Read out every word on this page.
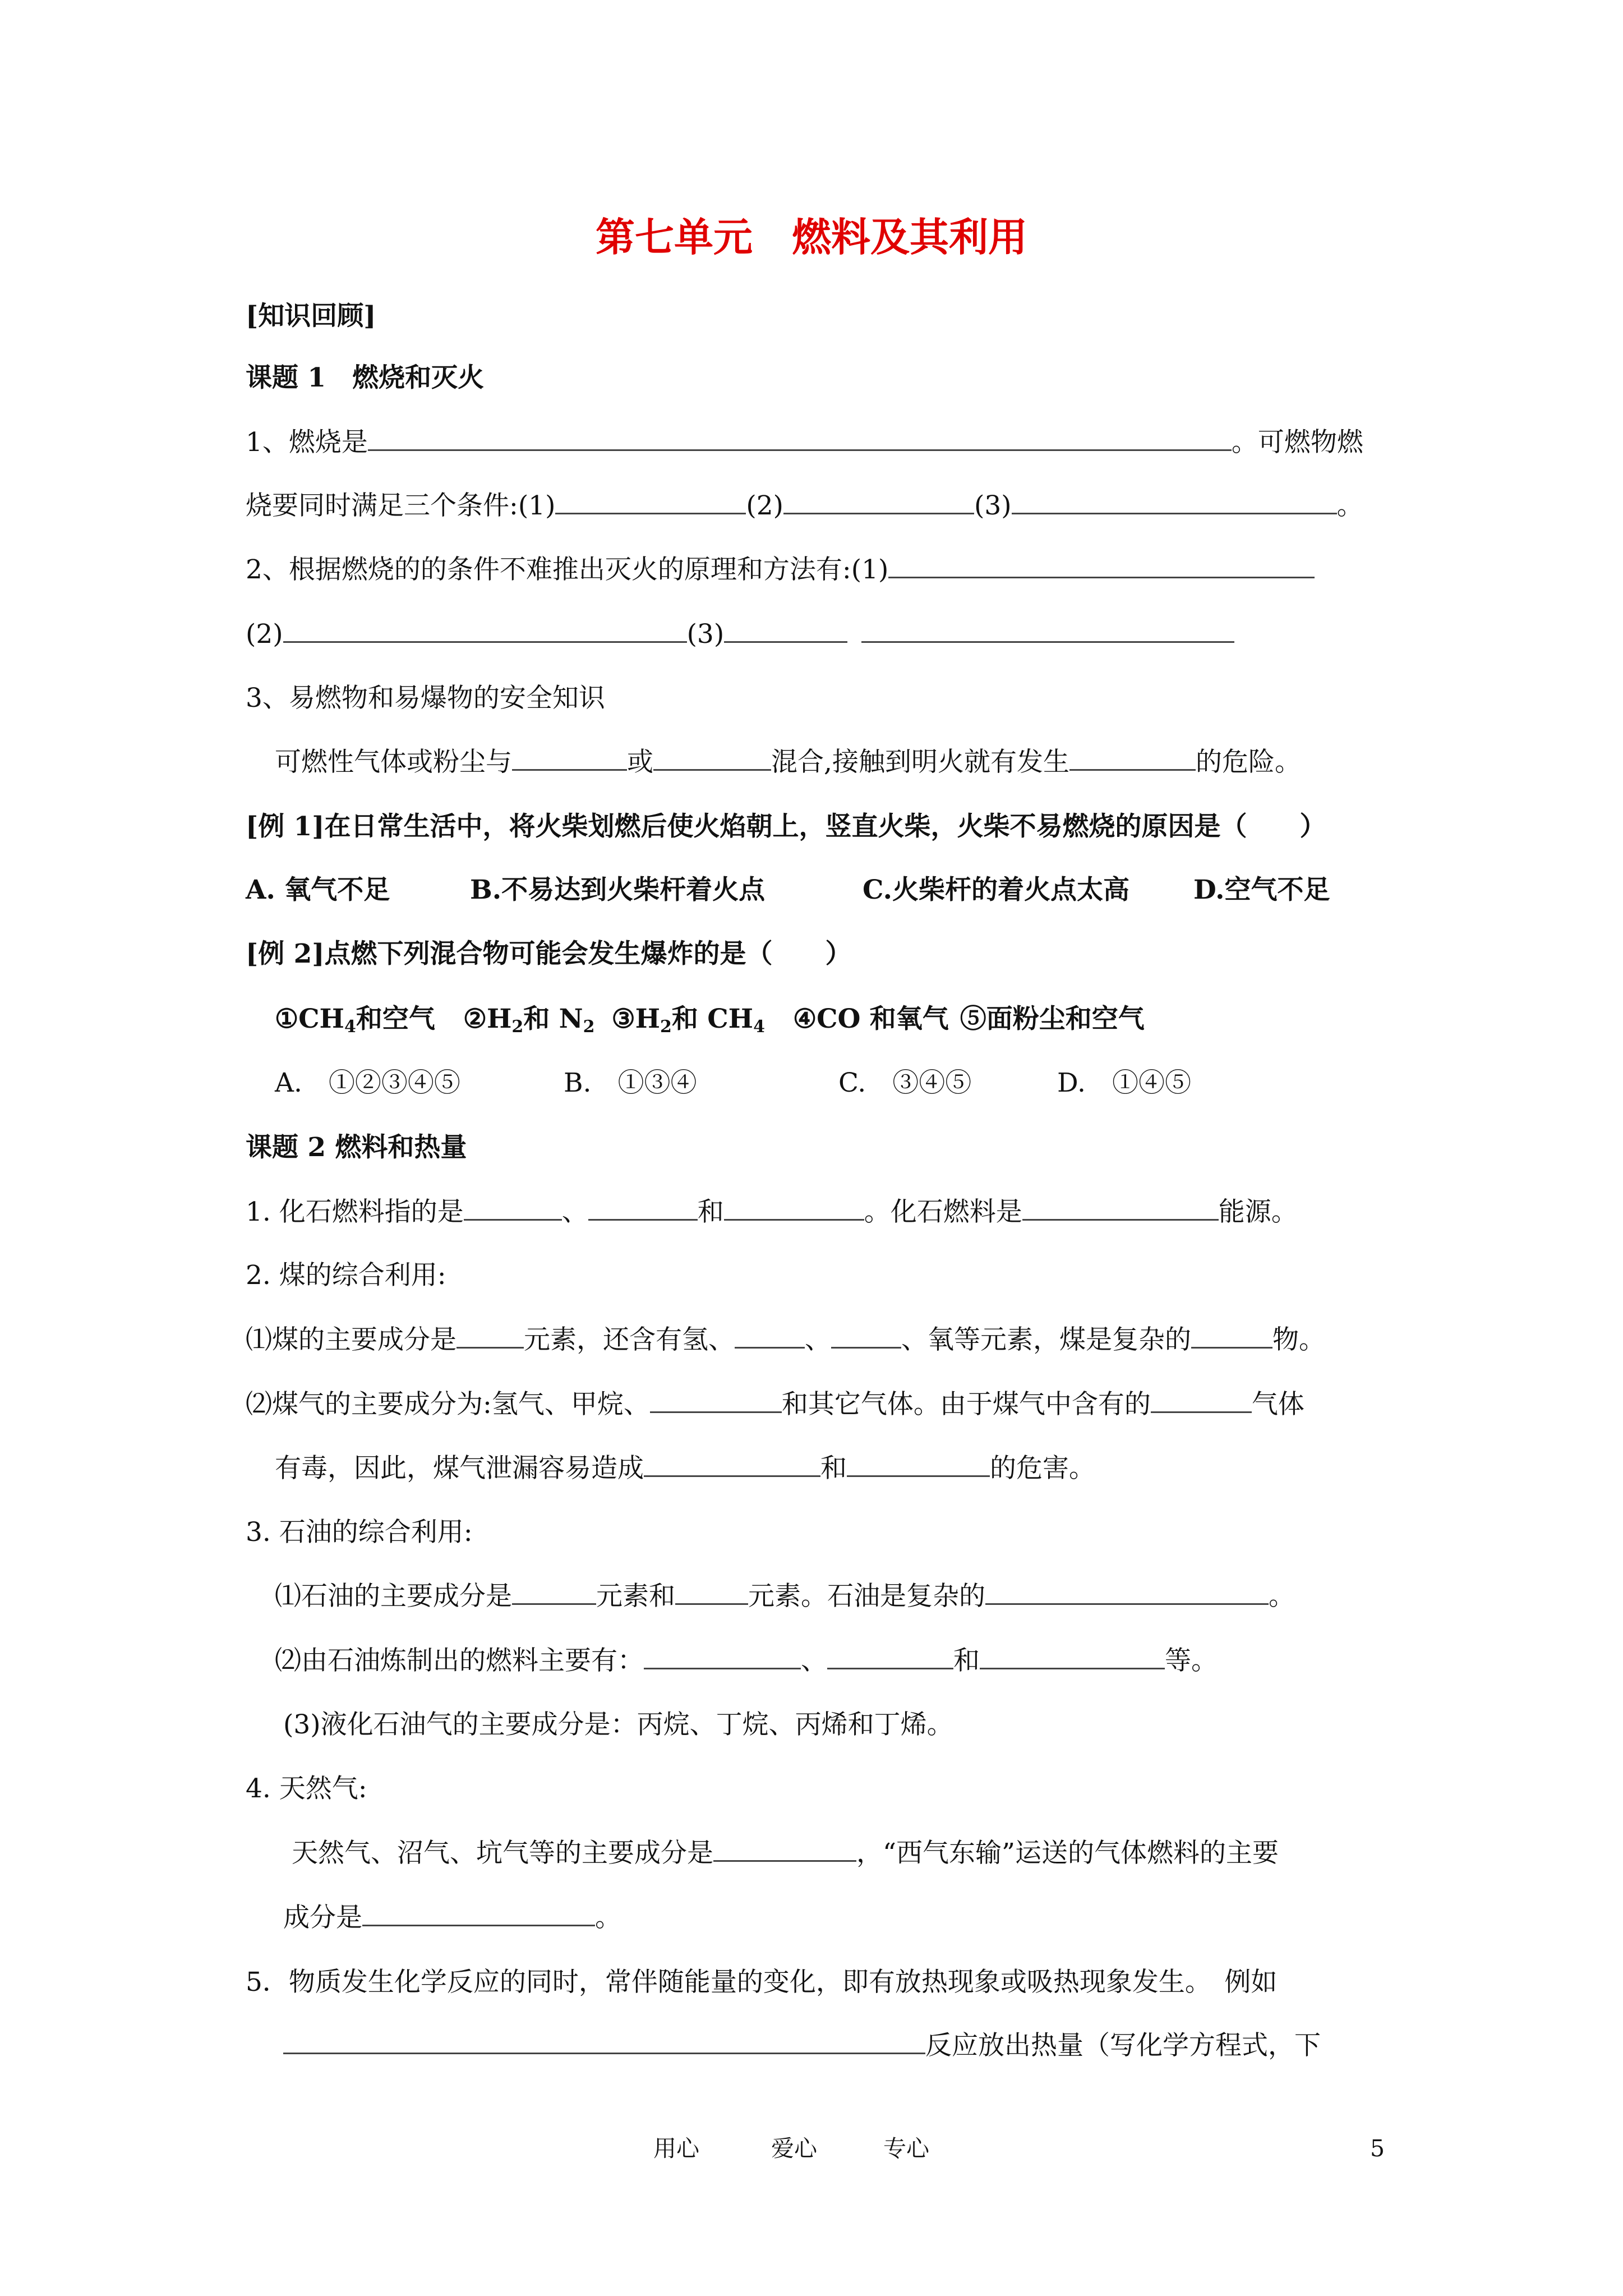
第七单元 燃料及其利用
[知识回顾]
课题 1　燃烧和灭火
1、燃烧是	。可燃物燃
烧要同时满足三个条件:(1)	(2)	(3)	。
2、根据燃烧的的条件不难推出灭火的原理和方法有:(1)
(2)	(3)
3、易燃物和易爆物的安全知识
可燃性气体或粉尘与	或	混合,接触到明火就有发生	的危险。
[例 1]在日常生活中，将火柴划燃后使火焰朝上，竖直火柴，火柴不易燃烧的原因是（　　）
A. 氧气不足	B.不易达到火柴杆着火点	C.火柴杆的着火点太高 D.空气不足
[例 2]点燃下列混合物可能会发生爆炸的是（　　）
$①CH_4$和空气 $②H_2$和 $N_2$ $③H_2$和 $CH_4$ ④CO 和氧气 ⑤面粉尘和空气
A.　①②③④⑤	B.　①③④	C.　③④⑤	D.　①④⑤
课题 2 燃料和热量
1. 化石燃料指的是	、	和	。化石燃料是	能源。
2. 煤的综合利用:
⑴煤的主要成分是	元素，还含有氢、	、	、氧等元素，煤是复杂的	物。
⑵煤气的主要成分为:氢气、甲烷、	和其它气体。由于煤气中含有的	气体
有毒，因此，煤气泄漏容易造成	和	的危害。
3. 石油的综合利用:
⑴石油的主要成分是	元素和	元素。石油是复杂的	。
⑵由石油炼制出的燃料主要有：	、	和	等。
(3)液化石油气的主要成分是：丙烷、丁烷、丙烯和丁烯。
4. 天然气:
天然气、沼气、坑气等的主要成分是	，“西气东输”运送的气体燃料的主要
成分是	。
5．物质发生化学反应的同时，常伴随能量的变化，即有放热现象或吸热现象发生。　例如
反应放出热量（写化学方程式，下
用心	爱心	专心	5
